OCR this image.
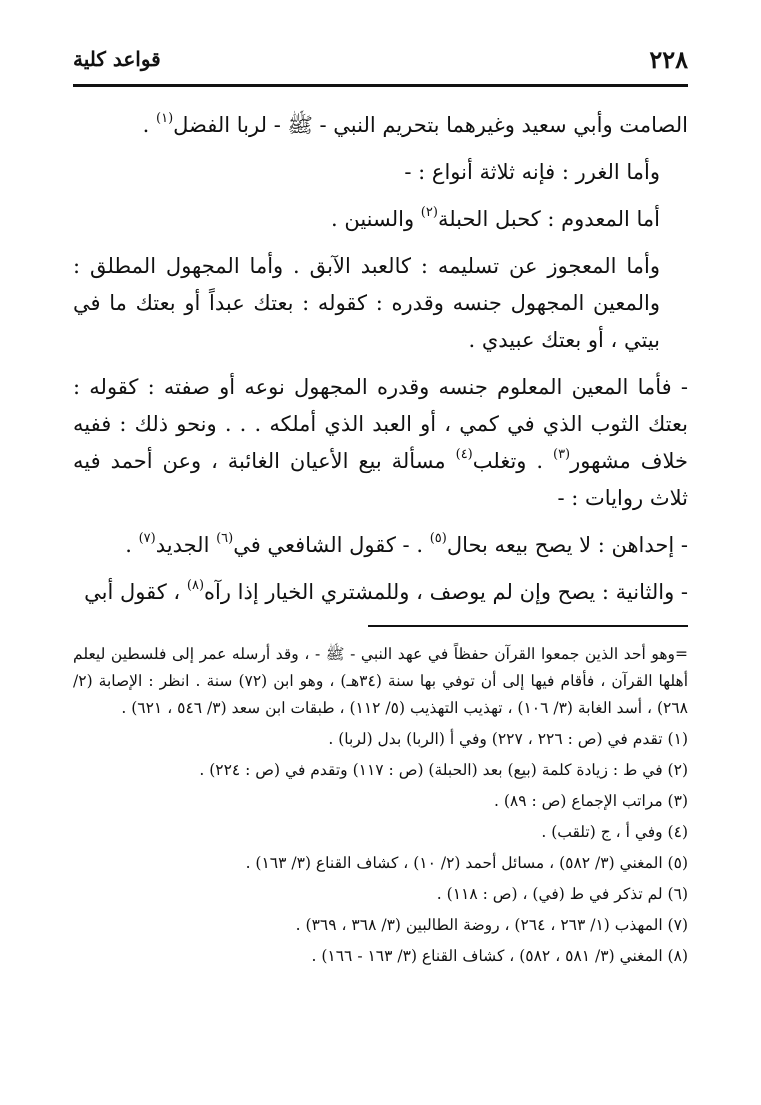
٢٢٨
قواعد كلية

الصامت وأبي سعيد وغيرهما بتحريم النبي - ﷺ - لربا الفضل$^{(١)}$ .

وأما الغرر : فإنه ثلاثة أنواع : -

أما المعدوم : كحبل الحبلة$^{(٢)}$ والسنين .

وأما المعجوز عن تسليمه : كالعبد الآبق . وأما المجهول المطلق : والمعين المجهول جنسه وقدره : كقوله : بعتك عبداً أو بعتك ما في بيتي ، أو بعتك عبيدي .

- فأما المعين المعلوم جنسه وقدره المجهول نوعه أو صفته : كقوله : بعتك الثوب الذي في كمي ، أو العبد الذي أملكه . . . ونحو ذلك : ففيه خلاف مشهور$^{(٣)}$ . وتغلب$^{(٤)}$ مسألة بيع الأعيان الغائبة ، وعن أحمد فيه ثلاث روايات : -

- إحداهن : لا يصح بيعه بحال$^{(٥)}$ . - كقول الشافعي في$^{(٦)}$ الجديد$^{(٧)}$ .

- والثانية : يصح وإن لم يوصف ، وللمشتري الخيار إذا رآه$^{(٨)}$ ، كقول أبي

=وهو أحد الذين جمعوا القرآن حفظاً في عهد النبي - ﷺ - ، وقد أرسله عمر إلى فلسطين ليعلم أهلها القرآن ، فأقام فيها إلى أن توفي بها سنة (٣٤هـ) ، وهو ابن (٧٢) سنة . انظر : الإصابة (٢/ ٢٦٨) ، أسد الغابة (٣/ ١٠٦) ، تهذيب التهذيب (٥/ ١١٢) ، طبقات ابن سعد (٣/ ٥٤٦ ، ٦٢١) .

(١) تقدم في (ص : ٢٢٦ ، ٢٢٧) وفي أ (الربا) بدل (لربا) .

(٢) في ط : زيادة كلمة (بيع) بعد (الحبلة) (ص : ١١٧) وتقدم في (ص : ٢٢٤) .

(٣) مراتب الإجماع (ص : ٨٩) .

(٤) وفي أ ، ج (تلقب) .

(٥) المغني (٣/ ٥٨٢) ، مسائل أحمد (٢/ ١٠) ، كشاف القناع (٣/ ١٦٣) .

(٦) لم تذكر في ط (في) ، (ص : ١١٨) .

(٧) المهذب (١/ ٢٦٣ ، ٢٦٤) ، روضة الطالبين (٣/ ٣٦٨ ، ٣٦٩) .

(٨) المغني (٣/ ٥٨١ ، ٥٨٢) ، كشاف القناع (٣/ ١٦٣ - ١٦٦) .
